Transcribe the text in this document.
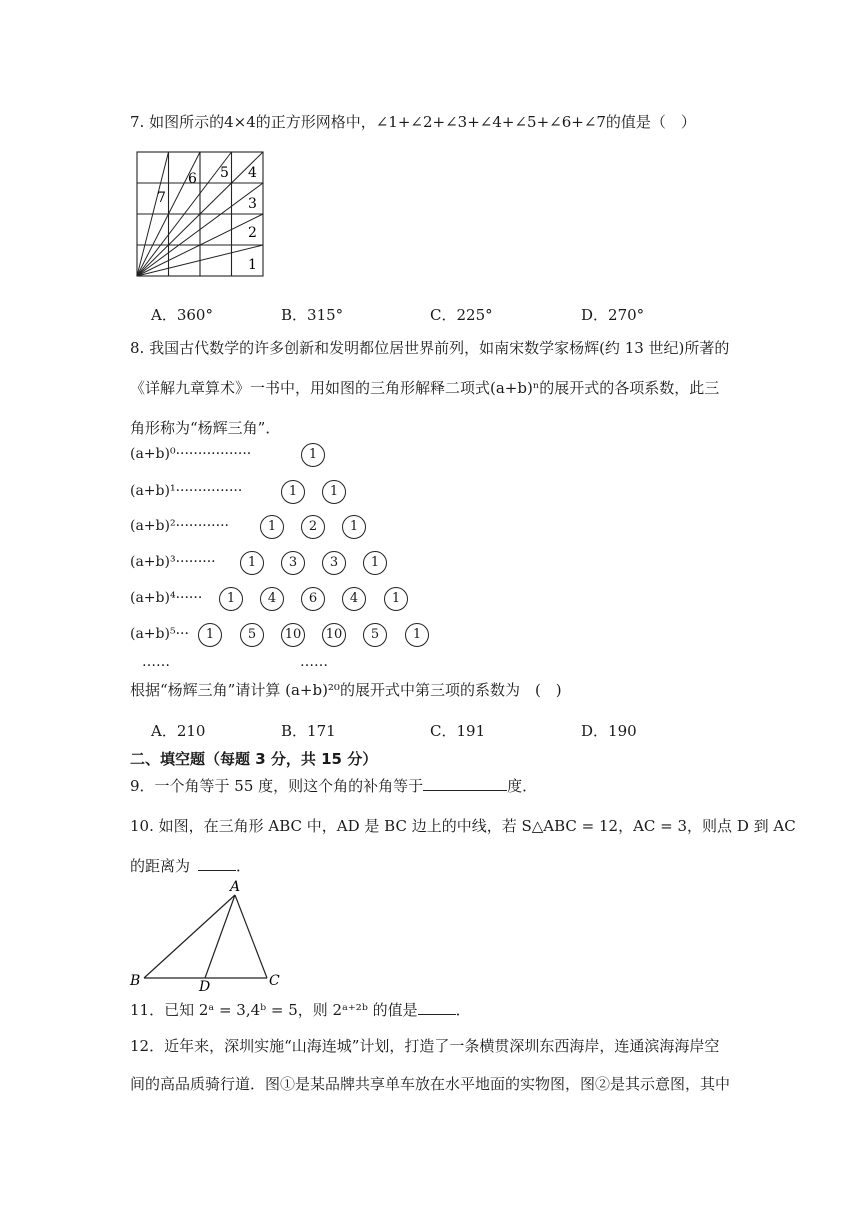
7. 如图所示的4×4的正方形网格中，∠1+∠2+∠3+∠4+∠5+∠6+∠7的值是（　）
1
2
3
4
5
6
7
A．360°	B．315°	C．225°	D．270°
8. 我国古代数学的许多创新和发明都位居世界前列，如南宋数学家杨辉(约 13 世纪)所著的
《详解九章算术》一书中，用如图的三角形解释二项式(a+b)ⁿ的展开式的各项系数，此三
角形称为“杨辉三角”．
(a+b)⁰·················	1
(a+b)¹···············	1	1
(a+b)²············	1	2	1
(a+b)³·········	1	3	3	1
(a+b)⁴······	1	4	6	4	1
(a+b)⁵···	1	5	10 10	5	1
……	……
根据“杨辉三角”请计算 (a+b)²⁰的展开式中第三项的系数为　(　)
A．210	B．171	C．191	D．190
二、填空题（每题 3 分，共 15 分）
9．一个角等于 55 度，则这个角的补角等于	度．
10. 如图，在三角形 ABC 中，AD 是 BC 边上的中线，若 S△ABC = 12，AC = 3，则点 D 到 AC
的距离为	．
A
B	C
D
11．已知 2ᵃ = 3,4ᵇ = 5，则 2ᵃ⁺²ᵇ 的值是	．
12．近年来，深圳实施“山海连城”计划，打造了一条横贯深圳东西海岸，连通滨海海岸空
间的高品质骑行道．图①是某品牌共享单车放在水平地面的实物图，图②是其示意图，其中
